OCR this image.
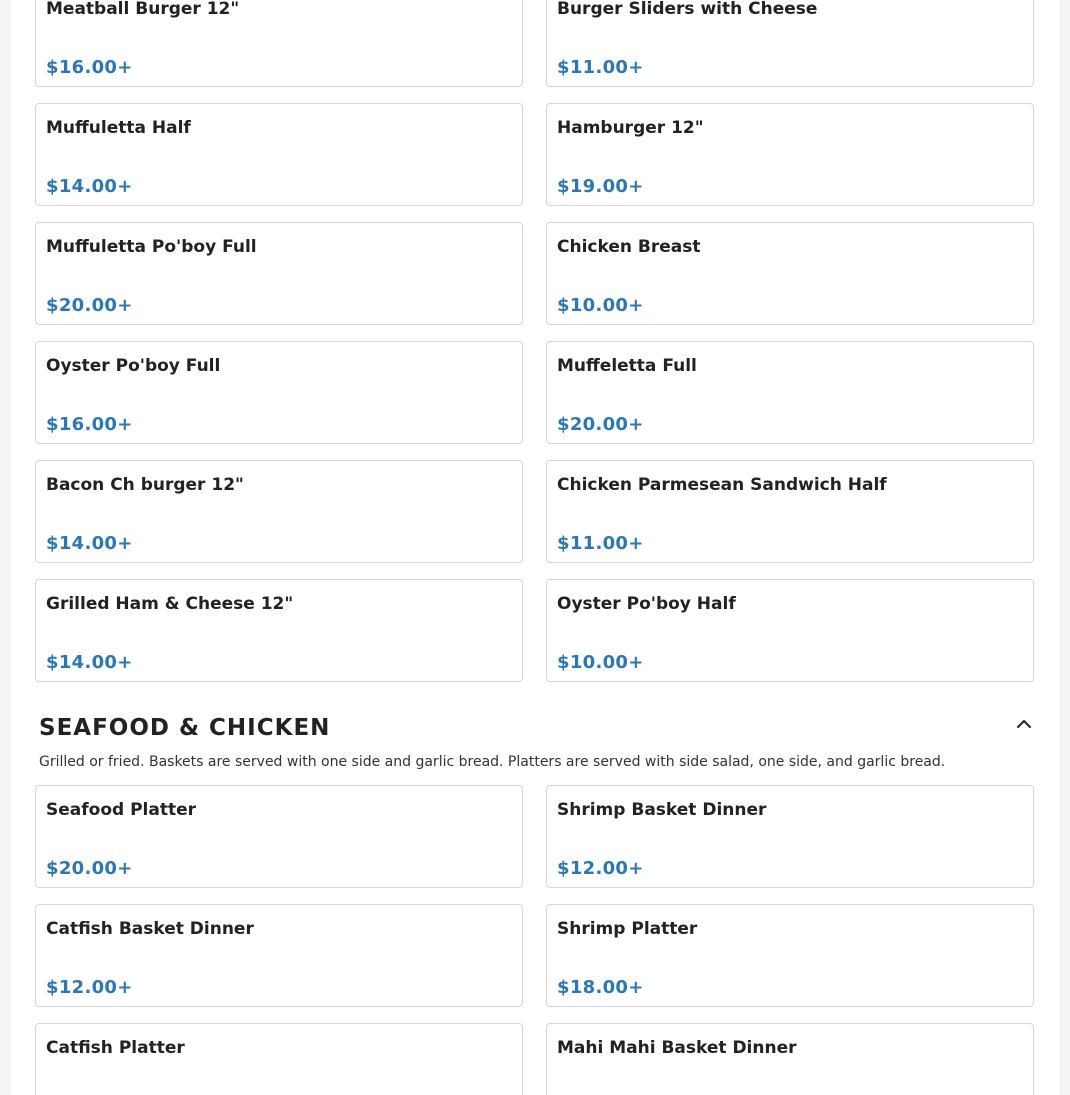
Meatball Burger 12"
$16.00+
Burger Sliders with Cheese
$11.00+
Muffuletta Half
$14.00+
Hamburger 12"
$19.00+
Muffuletta Po'boy Full
$20.00+
Chicken Breast
$10.00+
Oyster Po'boy Full
$16.00+
Muffeletta Full
$20.00+
Bacon Ch burger 12"
$14.00+
Chicken Parmesean Sandwich Half
$11.00+
Grilled Ham & Cheese 12"
$14.00+
Oyster Po'boy Half
$10.00+
SEAFOOD & CHICKEN
Grilled or fried. Baskets are served with one side and garlic bread. Platters are served with side salad, one side, and garlic bread.
Seafood Platter
$20.00+
Shrimp Basket Dinner
$12.00+
Catfish Basket Dinner
$12.00+
Shrimp Platter
$18.00+
Catfish Platter	Mahi Mahi Basket Dinner
